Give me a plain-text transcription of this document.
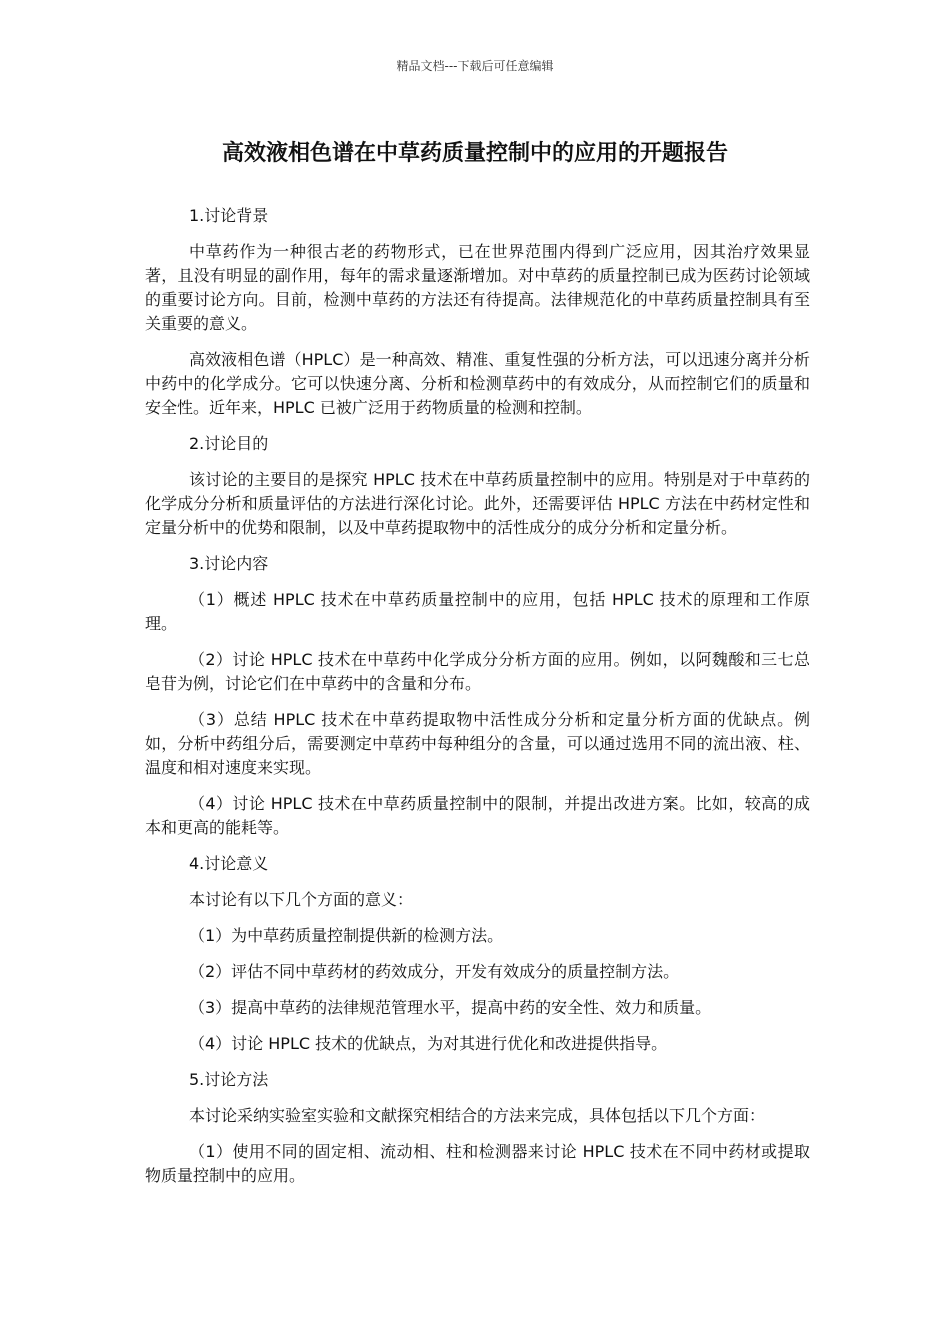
精品文档---下载后可任意编辑
高效液相色谱在中草药质量控制中的应用的开题报告

1.讨论背景

中草药作为一种很古老的药物形式，已在世界范围内得到广泛应用，因其治疗效果显著，且没有明显的副作用，每年的需求量逐渐增加。对中草药的质量控制已成为医药讨论领域的重要讨论方向。目前，检测中草药的方法还有待提高。法律规范化的中草药质量控制具有至关重要的意义。

高效液相色谱（HPLC）是一种高效、精准、重复性强的分析方法，可以迅速分离并分析中药中的化学成分。它可以快速分离、分析和检测草药中的有效成分，从而控制它们的质量和安全性。近年来，HPLC 已被广泛用于药物质量的检测和控制。

2.讨论目的

该讨论的主要目的是探究 HPLC 技术在中草药质量控制中的应用。特别是对于中草药的化学成分分析和质量评估的方法进行深化讨论。此外，还需要评估 HPLC 方法在中药材定性和定量分析中的优势和限制，以及中草药提取物中的活性成分的成分分析和定量分析。

3.讨论内容

（1）概述 HPLC 技术在中草药质量控制中的应用，包括 HPLC 技术的原理和工作原理。

（2）讨论 HPLC 技术在中草药中化学成分分析方面的应用。例如，以阿魏酸和三七总皂苷为例，讨论它们在中草药中的含量和分布。

（3）总结 HPLC 技术在中草药提取物中活性成分分析和定量分析方面的优缺点。例如，分析中药组分后，需要测定中草药中每种组分的含量，可以通过选用不同的流出液、柱、温度和相对速度来实现。

（4）讨论 HPLC 技术在中草药质量控制中的限制，并提出改进方案。比如，较高的成本和更高的能耗等。

4.讨论意义

本讨论有以下几个方面的意义：

（1）为中草药质量控制提供新的检测方法。

（2）评估不同中草药材的药效成分，开发有效成分的质量控制方法。

（3）提高中草药的法律规范管理水平，提高中药的安全性、效力和质量。

（4）讨论 HPLC 技术的优缺点，为对其进行优化和改进提供指导。

5.讨论方法

本讨论采纳实验室实验和文献探究相结合的方法来完成，具体包括以下几个方面：

（1）使用不同的固定相、流动相、柱和检测器来讨论 HPLC 技术在不同中药材或提取物质量控制中的应用。
